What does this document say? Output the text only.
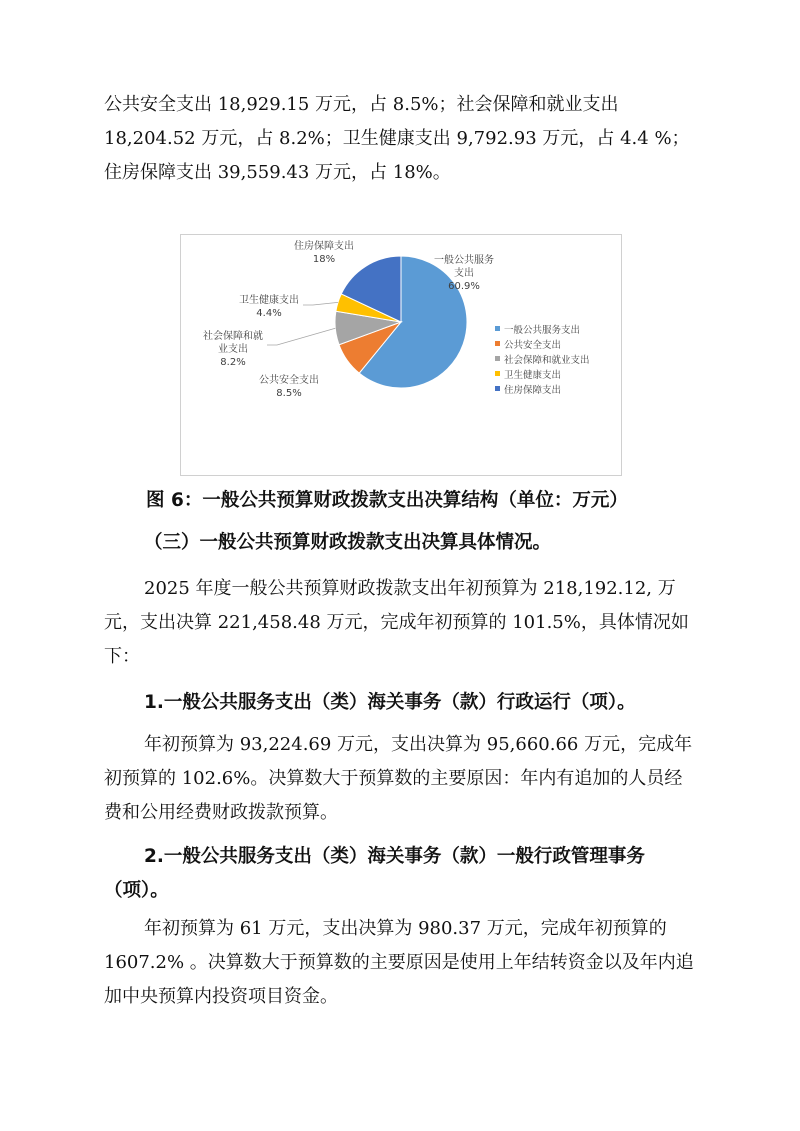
公共安全支出 18,929.15 万元，占 8.5%；社会保障和就业支出 18,204.52 万元，占 8.2%；卫生健康支出 9,792.93 万元，占 4.4 %；住房保障支出 39,559.43 万元，占 18%。

一般公共服务
支出
60.9%
公共安全支出
8.5%
社会保障和就
业支出
8.2%
卫生健康支出
4.4%
住房保障支出
18%
一般公共服务支出
公共安全支出
社会保障和就业支出
卫生健康支出
住房保障支出

图 6：一般公共预算财政拨款支出决算结构（单位：万元）

（三）一般公共预算财政拨款支出决算具体情况。

2025 年度一般公共预算财政拨款支出年初预算为 218,192.12, 万元，支出决算 221,458.48 万元，完成年初预算的 101.5%，具体情况如下：

1.一般公共服务支出（类）海关事务（款）行政运行（项）。

年初预算为 93,224.69 万元，支出决算为 95,660.66 万元，完成年初预算的 102.6%。决算数大于预算数的主要原因：年内有追加的人员经费和公用经费财政拨款预算。

2.一般公共服务支出（类）海关事务（款）一般行政管理事务（项）。

年初预算为 61 万元，支出决算为 980.37 万元，完成年初预算的 1607.2% 。决算数大于预算数的主要原因是使用上年结转资金以及年内追加中央预算内投资项目资金。
